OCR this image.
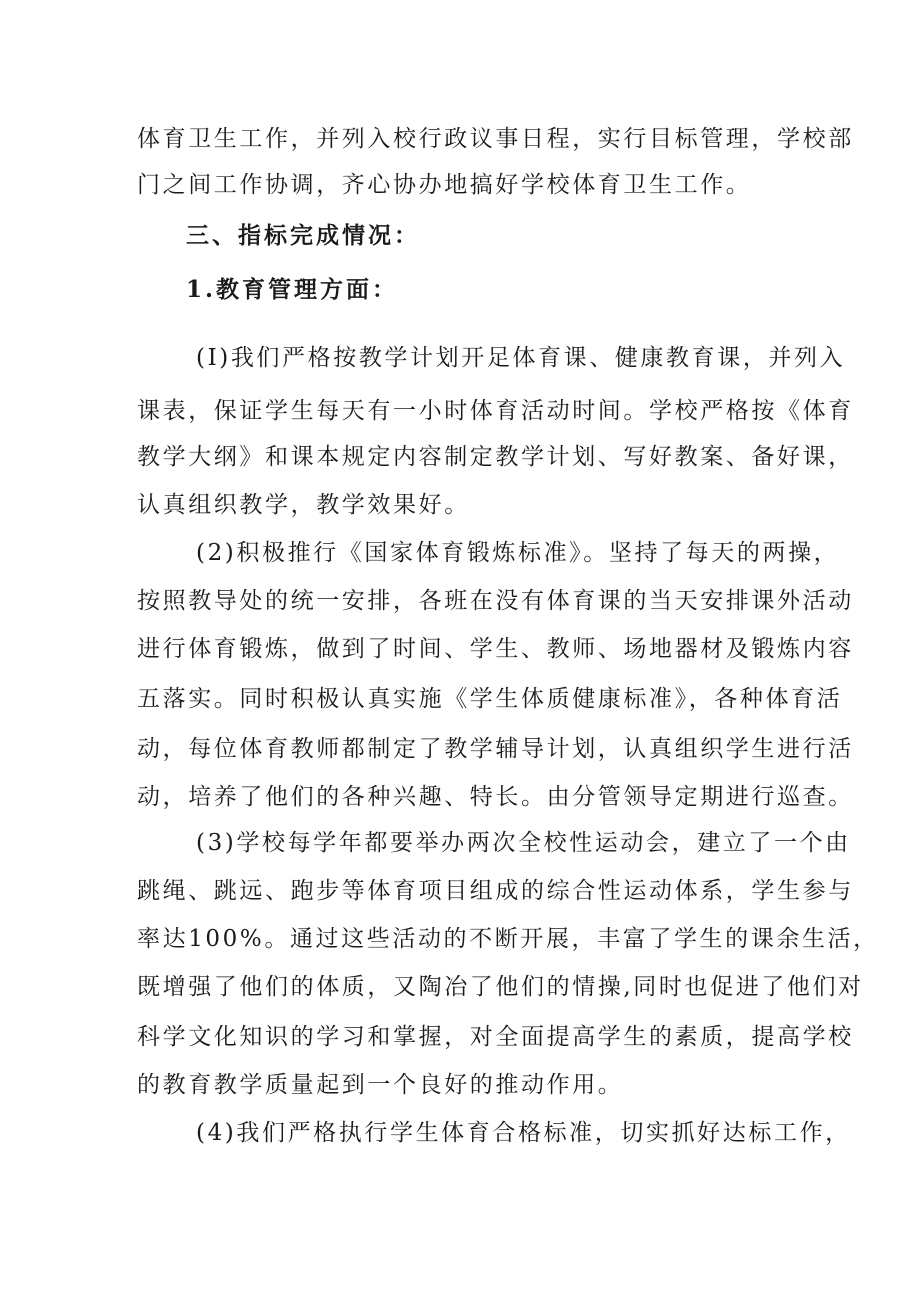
体育卫生工作，并列入校行政议事日程，实行目标管理，学校部
门之间工作协调，齐心协办地搞好学校体育卫生工作。
三、指标完成情况：
1.教育管理方面：
(I)我们严格按教学计划开足体育课、健康教育课，并列入
课表，保证学生每天有一小时体育活动时间。学校严格按《体育
教学大纲》和课本规定内容制定教学计划、写好教案、备好课，
认真组织教学，教学效果好。
(2)积极推行《国家体育锻炼标准》。坚持了每天的两操，
按照教导处的统一安排，各班在没有体育课的当天安排课外活动
进行体育锻炼，做到了时间、学生、教师、场地器材及锻炼内容
五落实。同时积极认真实施《学生体质健康标准》，各种体育活
动，每位体育教师都制定了教学辅导计划，认真组织学生进行活
动，培养了他们的各种兴趣、特长。由分管领导定期进行巡查。
(3)学校每学年都要举办两次全校性运动会，建立了一个由
跳绳、跳远、跑步等体育项目组成的综合性运动体系，学生参与
率达100%。通过这些活动的不断开展，丰富了学生的课余生活，
既增强了他们的体质，又陶冶了他们的情操,同时也促进了他们对
科学文化知识的学习和掌握，对全面提高学生的素质，提高学校
的教育教学质量起到一个良好的推动作用。
(4)我们严格执行学生体育合格标准，切实抓好达标工作，
